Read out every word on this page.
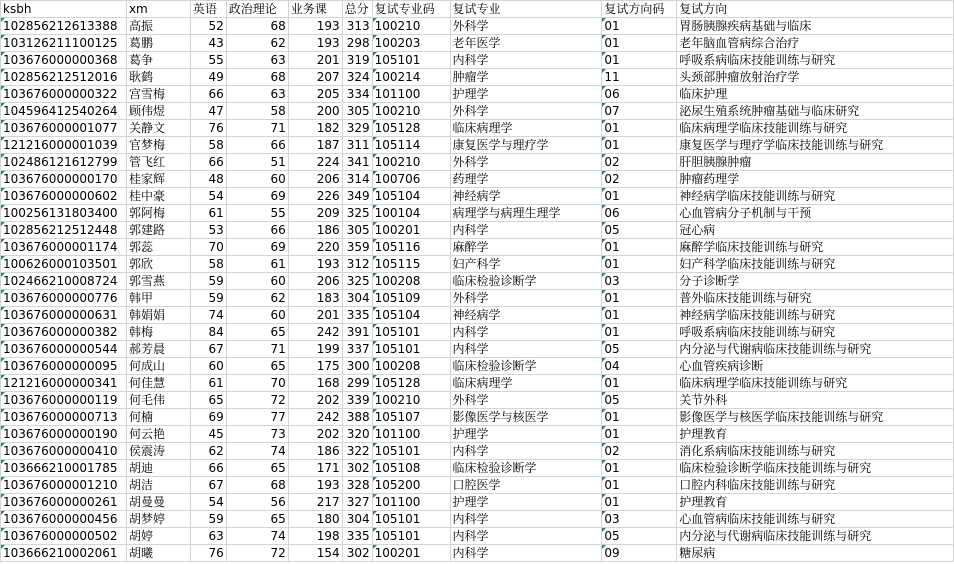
ksbh	xm	英语	政治理论	业务课	总分	复试专业码	复试专业	复试方向码	复试方向
102856212613388	高振	52	68	193	313	100210	外科学	01	胃肠胰腺疾病基础与临床
103126211100125	葛鹏	43	62	193	298	100203	老年医学	01	老年脑血管病综合治疗
103676000000368	葛争	55	63	201	319	105101	内科学	01	呼吸系病临床技能训练与研究
102856212512016	耿鹤	49	68	207	324	100214	肿瘤学	11	头颈部肿瘤放射治疗学
103676000000322	宫雪梅	66	63	205	334	101100	护理学	06	临床护理
104596412540264	顾伟煜	47	58	200	305	100210	外科学	07	泌尿生殖系统肿瘤基础与临床研究
103676000001077	关静文	76	71	182	329	105128	临床病理学	01	临床病理学临床技能训练与研究
121216000001039	官梦梅	58	66	187	311	105114	康复医学与理疗学	01	康复医学与理疗学临床技能训练与研究
102486121612799	管飞红	66	51	224	341	100210	外科学	02	肝胆胰腺肿瘤
103676000000170	桂家辉	48	60	206	314	100706	药理学	02	肿瘤药理学
103676000000602	桂中豪	54	69	226	349	105104	神经病学	01	神经病学临床技能训练与研究
100256131803400	郭阿梅	61	55	209	325	100104	病理学与病理生理学	06	心血管病分子机制与干预
102856212512448	郭建路	53	66	186	305	100201	内科学	05	冠心病
103676000001174	郭蕊	70	69	220	359	105116	麻醉学	01	麻醉学临床技能训练与研究
100626000103501	郭欣	58	61	193	312	105115	妇产科学	01	妇产科学临床技能训练与研究
102466210008724	郭雪燕	59	60	206	325	100208	临床检验诊断学	03	分子诊断学
103676000000776	韩甲	59	62	183	304	105109	外科学	01	普外临床技能训练与研究
103676000000631	韩娟娟	74	60	201	335	105104	神经病学	01	神经病学临床技能训练与研究
103676000000382	韩梅	84	65	242	391	105101	内科学	01	呼吸系病临床技能训练与研究
103676000000544	郝芳晨	67	71	199	337	105101	内科学	05	内分泌与代谢病临床技能训练与研究
103676000000095	何成山	60	65	175	300	100208	临床检验诊断学	04	心血管疾病诊断
121216000000341	何佳慧	61	70	168	299	105128	临床病理学	01	临床病理学临床技能训练与研究
103676000000119	何毛伟	65	72	202	339	100210	外科学	05	关节外科
103676000000713	何楠	69	77	242	388	105107	影像医学与核医学	01	影像医学与核医学临床技能训练与研究
103676000000190	何云艳	45	73	202	320	101100	护理学	01	护理教育
103676000000410	侯震涛	62	74	186	322	105101	内科学	02	消化系病临床技能训练与研究
103666210001785	胡迪	66	65	171	302	105108	临床检验诊断学	01	临床检验诊断学临床技能训练与研究
103676000001210	胡洁	67	68	193	328	105200	口腔医学	01	口腔内科临床技能训练与研究
103676000000261	胡曼曼	54	56	217	327	101100	护理学	01	护理教育
103676000000456	胡梦婷	59	65	180	304	105101	内科学	03	心血管病临床技能训练与研究
103676000000502	胡婷	63	74	198	335	105101	内科学	05	内分泌与代谢病临床技能训练与研究
103666210002061	胡曦	76	72	154	302	100201	内科学	09	糖尿病
